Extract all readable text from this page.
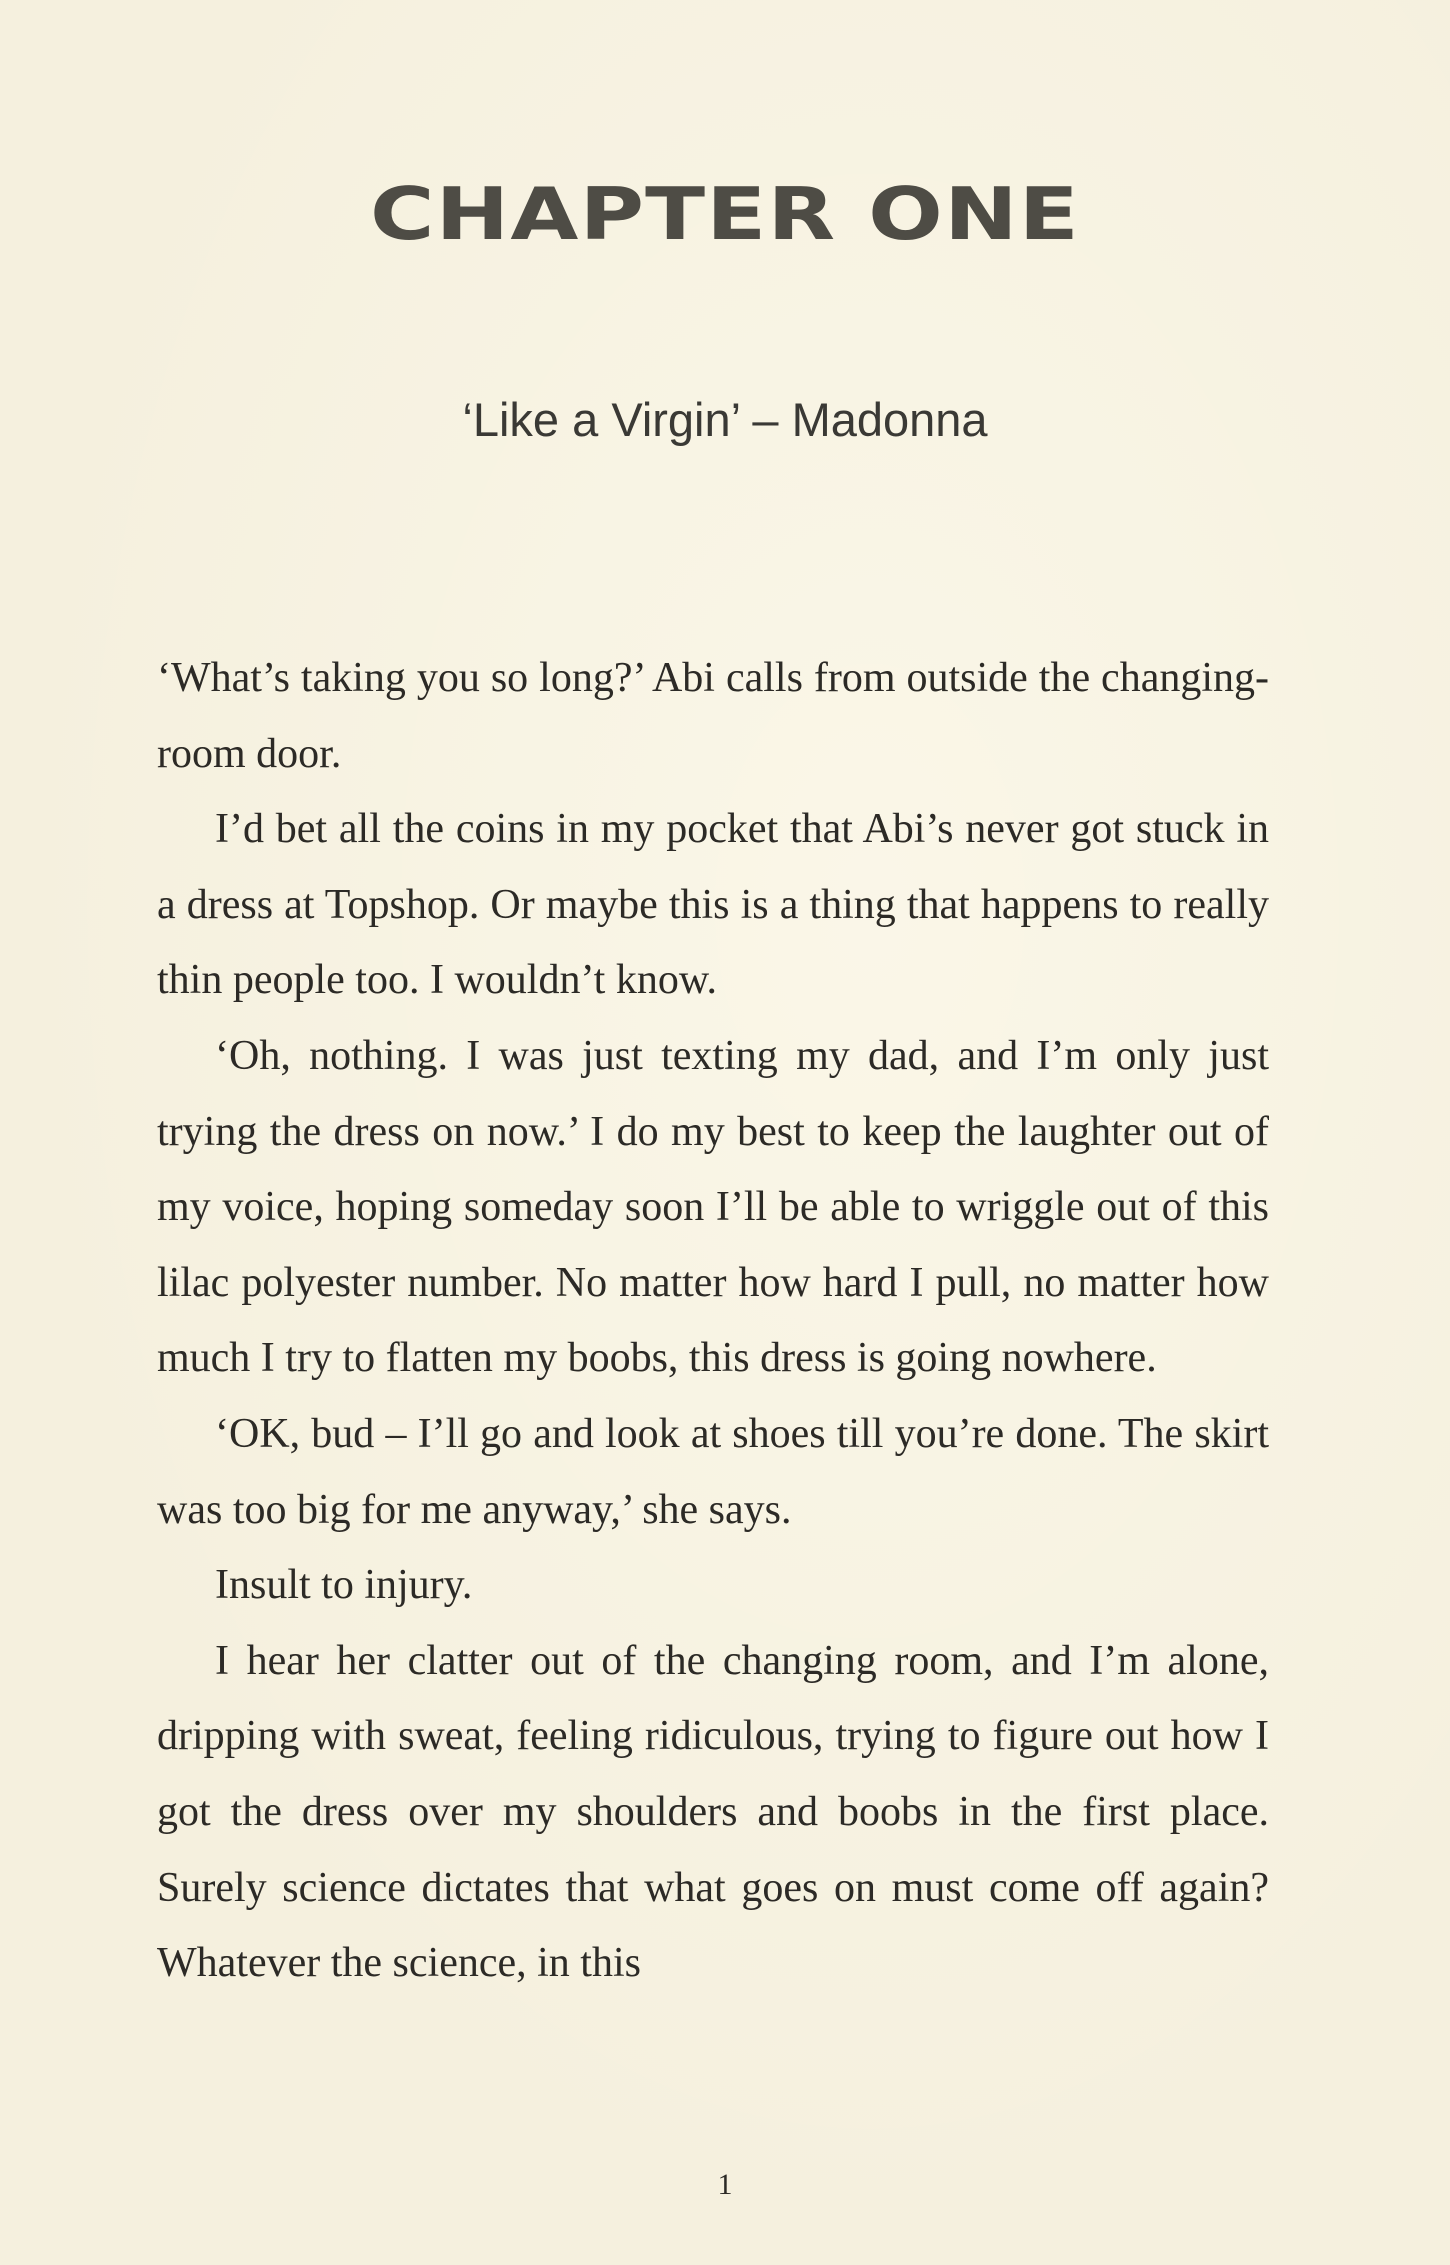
CHAPTER ONE
‘Like a Virgin’ – Madonna

‘What’s taking you so long?’ Abi calls from outside the changing-room door.

I’d bet all the coins in my pocket that Abi’s never got stuck in a dress at Topshop. Or maybe this is a thing that happens to really thin people too. I wouldn’t know.

‘Oh, nothing. I was just texting my dad, and I’m only just trying the dress on now.’ I do my best to keep the laughter out of my voice, hoping someday soon I’ll be able to wriggle out of this lilac polyester number. No matter how hard I pull, no matter how much I try to flatten my boobs, this dress is going nowhere.

‘OK, bud – I’ll go and look at shoes till you’re done. The skirt was too big for me anyway,’ she says.

Insult to injury.

I hear her clatter out of the changing room, and I’m alone, dripping with sweat, feeling ridiculous, trying to figure out how I got the dress over my shoulders and boobs in the first place. Surely science dictates that what goes on must come off again? Whatever the science, in this

1
